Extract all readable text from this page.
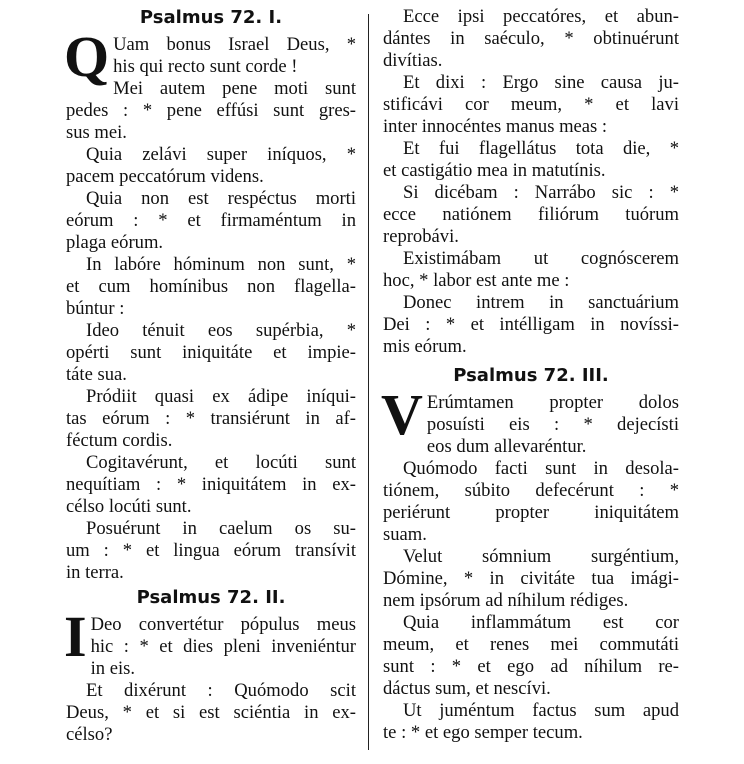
Psalmus 72. I.
Q Uam bonus Israel Deus, *
his qui recto sunt corde !
Mei autem pene moti sunt
pedes : * pene effúsi sunt gres-
sus mei.
Quia zelávi super iníquos, *
pacem peccatórum videns.
Quia non est respéctus morti
eórum : * et firmaméntum in
plaga eórum.
In labóre hóminum non sunt, *
et cum homínibus non flagella-
búntur :
Ideo ténuit eos supérbia, *
opérti sunt iniquitáte et impie-
táte sua.
Pródiit quasi ex ádipe iníqui-
tas eórum : * transiérunt in af-
féctum cordis.
Cogitavérunt, et locúti sunt
nequítiam : * iniquitátem in ex-
célso locúti sunt.
Posuérunt in caelum os su-
um : * et lingua eórum transívit
in terra.
Psalmus 72. II.
I Deo convertétur pópulus meus
hic : * et dies pleni inveniéntur
in eis.
Et dixérunt : Quómodo scit
Deus, * et si est sciéntia in ex-
célso?
Ecce ipsi peccatóres, et abun-
dántes in saéculo, * obtinuérunt
divítias.
Et dixi : Ergo sine causa ju-
stificávi cor meum, * et lavi
inter innocéntes manus meas :
Et fui flagellátus tota die, *
et castigátio mea in matutínis.
Si dicébam : Narrábo sic : *
ecce natiónem filiórum tuórum
reprobávi.
Existimábam ut cognóscerem
hoc, * labor est ante me :
Donec intrem in sanctuárium
Dei : * et intélligam in novíssi-
mis eórum.
Psalmus 72. III.
V Erúmtamen propter dolos
posuísti eis : * dejecísti
eos dum allevaréntur.
Quómodo facti sunt in desola-
tiónem, súbito defecérunt : *
periérunt propter iniquitátem
suam.
Velut sómnium surgéntium,
Dómine, * in civitáte tua imági-
nem ipsórum ad níhilum rédiges.
Quia inflammátum est cor
meum, et renes mei commutáti
sunt : * et ego ad níhilum re-
dáctus sum, et nescívi.
Ut juméntum factus sum apud
te : * et ego semper tecum.
